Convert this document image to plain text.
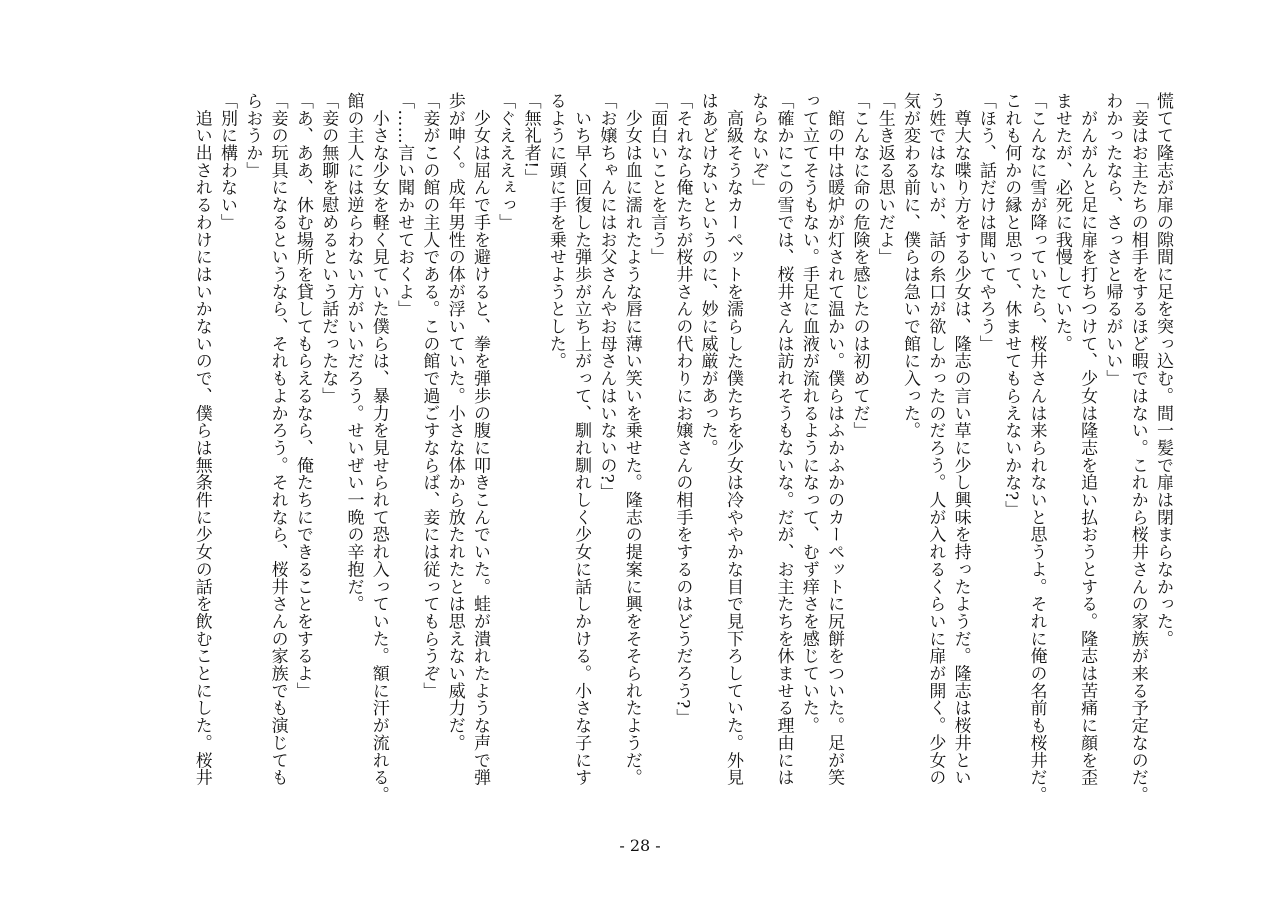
慌てて隆志が扉の隙間に足を突っ込む。間一髪で扉は閉まらなかった。
「妾はお主たちの相手をするほど暇ではない。これから桜井さんの家族が来る予定なのだ。
わかったなら、さっさと帰るがいい」
　がんがんと足に扉を打ちつけて、少女は隆志を追い払おうとする。隆志は苦痛に顔を歪
ませたが、必死に我慢していた。
「こんなに雪が降っていたら、桜井さんは来られないと思うよ。それに俺の名前も桜井だ。
これも何かの縁と思って、休ませてもらえないかな?」
「ほう、話だけは聞いてやろう」
　尊大な喋り方をする少女は、隆志の言い草に少し興味を持ったようだ。隆志は桜井とい
う姓ではないが、話の糸口が欲しかったのだろう。人が入れるくらいに扉が開く。少女の
気が変わる前に、僕らは急いで館に入った。
「生き返る思いだよ」
「こんなに命の危険を感じたのは初めてだ」
　館の中は暖炉が灯されて温かい。僕らはふかふかのカーペットに尻餅をついた。足が笑
って立てそうもない。手足に血液が流れるようになって、むず痒さを感じていた。
「確かにこの雪では、桜井さんは訪れそうもないな。だが、お主たちを休ませる理由には
ならないぞ」
　高級そうなカーペットを濡らした僕たちを少女は冷ややかな目で見下ろしていた。外見
はあどけないというのに、妙に威厳があった。
「それなら俺たちが桜井さんの代わりにお嬢さんの相手をするのはどうだろう?」
「面白いことを言う」
　少女は血に濡れたような唇に薄い笑いを乗せた。隆志の提案に興をそそられたようだ。
「お嬢ちゃんにはお父さんやお母さんはいないの?」
　いち早く回復した弾歩が立ち上がって、馴れ馴れしく少女に話しかける。小さな子にす
るように頭に手を乗せようとした。
「無礼者!」
「ぐえええぇっ」
　少女は屈んで手を避けると、拳を弾歩の腹に叩きこんでいた。蛙が潰れたような声で弾
歩が呻く。成年男性の体が浮いていた。小さな体から放たれたとは思えない威力だ。
「妾がこの館の主人である。この館で過ごすならば、妾には従ってもらうぞ」
「……言い聞かせておくよ」
　小さな少女を軽く見ていた僕らは、暴力を見せられて恐れ入っていた。額に汗が流れる。
館の主人には逆らわない方がいいだろう。せいぜい一晩の辛抱だ。
「妾の無聊を慰めるという話だったな」
「あ、ああ、休む場所を貸してもらえるなら、俺たちにできることをするよ」
「妾の玩具になるというなら、それもよかろう。それなら、桜井さんの家族でも演じても
らおうか」
「別に構わない」
　追い出されるわけにはいかないので、僕らは無条件に少女の話を飲むことにした。桜井
- 28 -
